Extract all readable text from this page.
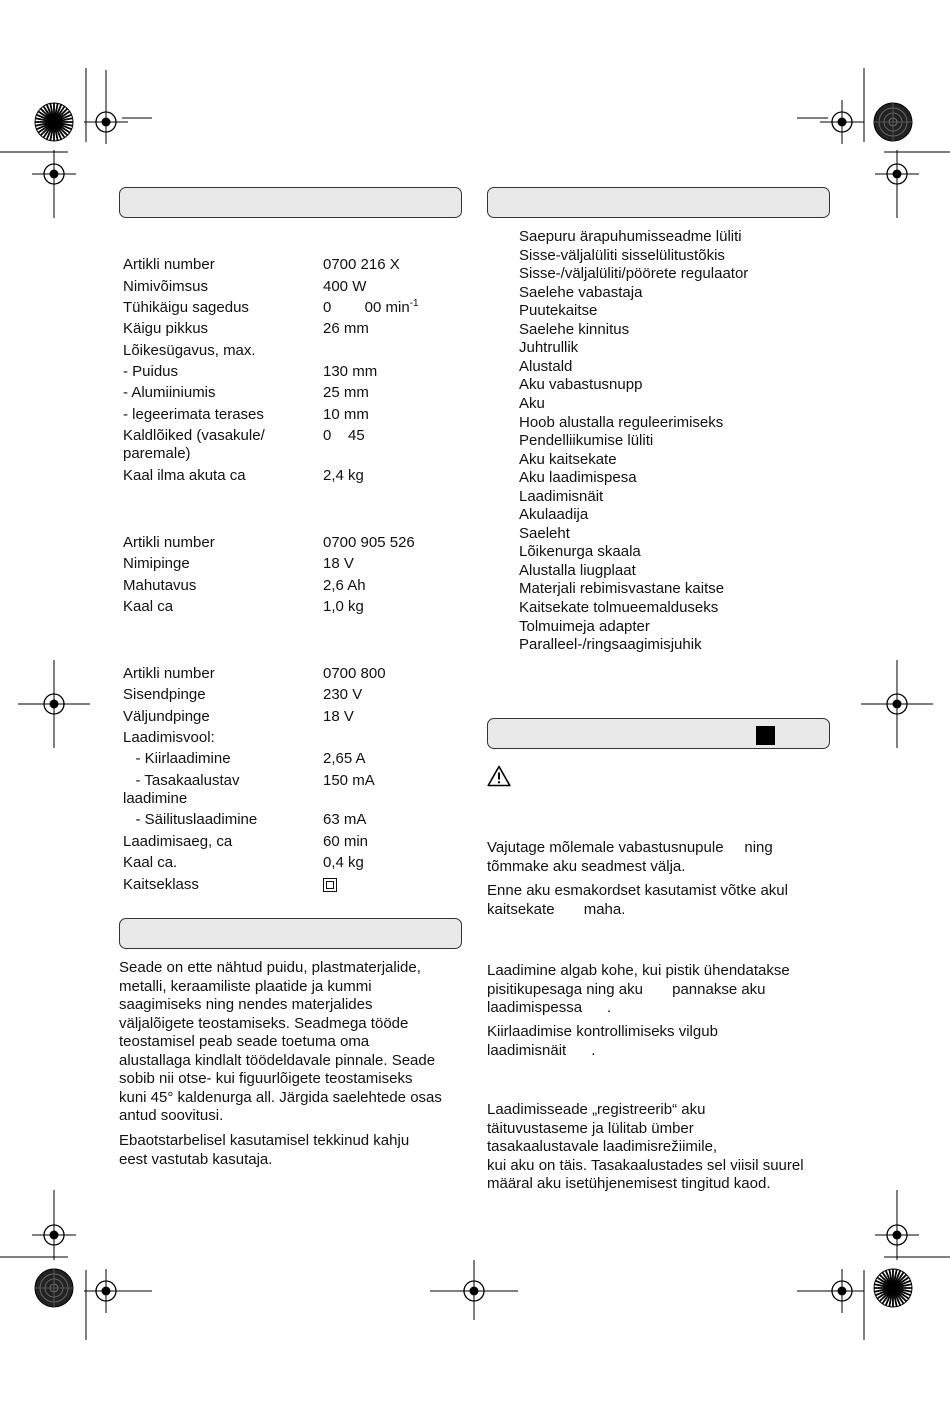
Artikli number	0700 216 X
Nimivõimsus	400 W
Tühikäigu sagedus	0        00 $\min^{-1}$
Käigu pikkus	26 mm
Lõikesügavus, max.
- Puidus	130 mm
- Alumiiniumis	25 mm
- legeerimata terases	10 mm
Kaldlõiked (vasakule/	0    45
paremale)
Kaal ilma akuta ca	2,4 kg
Artikli number	0700 905 526
Nimipinge	18 V
Mahutavus	2,6 Ah
Kaal ca	1,0 kg
Artikli number	0700 800
Sisendpinge	230 V
Väljundpinge	18 V
Laadimisvool:
- Kiirlaadimine	2,65 A
- Tasakaalustav	150 mA
laadimine
- Säilituslaadimine	63 mA
Laadimisaeg, ca	60 min
Kaal ca.	0,4 kg
Kaitseklass
Saepuru ärapuhumisseadme lüliti
Sisse-väljalüliti sisselülitustõkis
Sisse-/väljalüliti/pöörete regulaator
Saelehe vabastaja
Puutekaitse
Saelehe kinnitus
Juhtrullik
Alustald
Aku vabastusnupp
Aku
Hoob alustalla reguleerimiseks
Pendelliikumise lüliti
Aku kaitsekate
Aku laadimispesa
Laadimisnäit
Akulaadija
Saeleht
Lõikenurga skaala
Alustalla liugplaat
Materjali rebimisvastane kaitse
Kaitsekate tolmueemalduseks
Tolmuimeja adapter
Paralleel-/ringsaagimisjuhik
Seade on ette nähtud puidu, plastmaterjalide,
metalli, keraamiliste plaatide ja kummi
saagimiseks ning nendes materjalides
väljalõigete teostamiseks. Seadmega tööde
teostamisel peab seade toetuma oma
alustallaga kindlalt töödeldavale pinnale. Seade
sobib nii otse- kui figuurlõigete teostamiseks
kuni 45° kaldenurga all. Järgida saelehtede osas
antud soovitusi.
Ebaotstarbelisel kasutamisel tekkinud kahju
eest vastutab kasutaja.
Vajutage mõlemale vabastusnupule     ning
tõmmake aku seadmest välja.
Enne aku esmakordset kasutamist võtke akul
kaitsekate       maha.
Laadimine algab kohe, kui pistik ühendatakse
pisitikupesaga ning aku       pannakse aku
laadimispessa      .
Kiirlaadimise kontrollimiseks vilgub
laadimisnäit      .
Laadimisseade „registreerib“ aku
täituvustaseme ja lülitab ümber
tasakaalustavale laadimisrežiimile,
kui aku on täis. Tasakaalustades sel viisil suurel
määral aku isetühjenemisest tingitud kaod.
